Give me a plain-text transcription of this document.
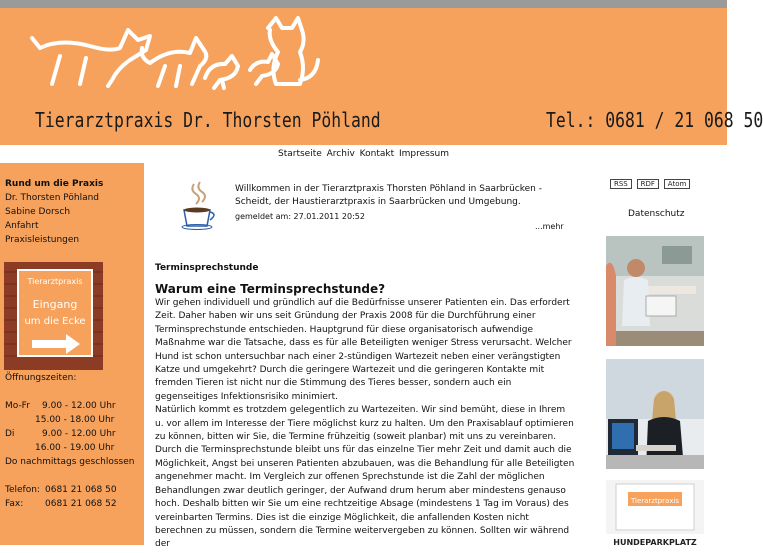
Tierarztpraxis Dr. Thorsten Pöhland	Tel.: 0681 / 21 068 50
Startseite Archiv Kontakt Impressum
Rund um die Praxis
Dr. Thorsten Pöhland
Sabine Dorsch
Anfahrt
Praxisleistungen
Tierarztpraxis
Eingang
um die Ecke
Öffnungszeiten:
Mo-Fr 9.00 - 12.00 Uhr
15.00 - 18.00 Uhr
Di	9.00 - 12.00 Uhr
16.00 - 19.00 Uhr
Do nachmittags geschlossen
Telefon: 0681 21 068 50
Fax: 0681 21 068 52
Willkommen in der Tierarztpraxis Thorsten Pöhland in Saarbrücken - Scheidt, der Haustierarztpraxis in Saarbrücken und Umgebung.
gemeldet am: 27.01.2011 20:52
...mehr
Terminsprechstunde
Warum eine Terminsprechstunde?

Wir gehen individuell und gründlich auf die Bedürfnisse unserer Patienten ein. Das erfordert Zeit. Daher haben wir uns seit Gründung der Praxis 2008 für die Durchführung einer Terminsprechstunde entschieden. Hauptgrund für diese organisatorisch aufwendige Maßnahme war die Tatsache, dass es für alle Beteiligten weniger Stress verursacht. Welcher Hund ist schon untersuchbar nach einer 2-stündigen Wartezeit neben einer verängstigten Katze und umgekehrt? Durch die geringere Wartezeit und die geringeren Kontakte mit fremden Tieren ist nicht nur die Stimmung des Tieres besser, sondern auch ein gegenseitiges Infektionsrisiko minimiert.

Natürlich kommt es trotzdem gelegentlich zu Wartezeiten. Wir sind bemüht, diese in Ihrem u. vor allem im Interesse der Tiere möglichst kurz zu halten. Um den Praxisablauf optimieren zu können, bitten wir Sie, die Termine frühzeitig (soweit planbar) mit uns zu vereinbaren.

Durch die Terminsprechstunde bleibt uns für das einzelne Tier mehr Zeit und damit auch die Möglichkeit, Angst bei unseren Patienten abzubauen, was die Behandlung für alle Beteiligten angenehmer macht. Im Vergleich zur offenen Sprechstunde ist die Zahl der möglichen Behandlungen zwar deutlich geringer, der Aufwand drum herum aber mindestens genauso hoch. Deshalb bitten wir Sie um eine rechtzeitige Absage (mindestens 1 Tag im Voraus) des vereinbarten Termins. Dies ist die einzige Möglichkeit, die anfallenden Kosten nicht berechnen zu müssen, sondern die Termine weitervergeben zu können. Sollten wir während der

RSS RDF Atom
Datenschutz
Tierarztpraxis
HUNDEPARKPLATZ
